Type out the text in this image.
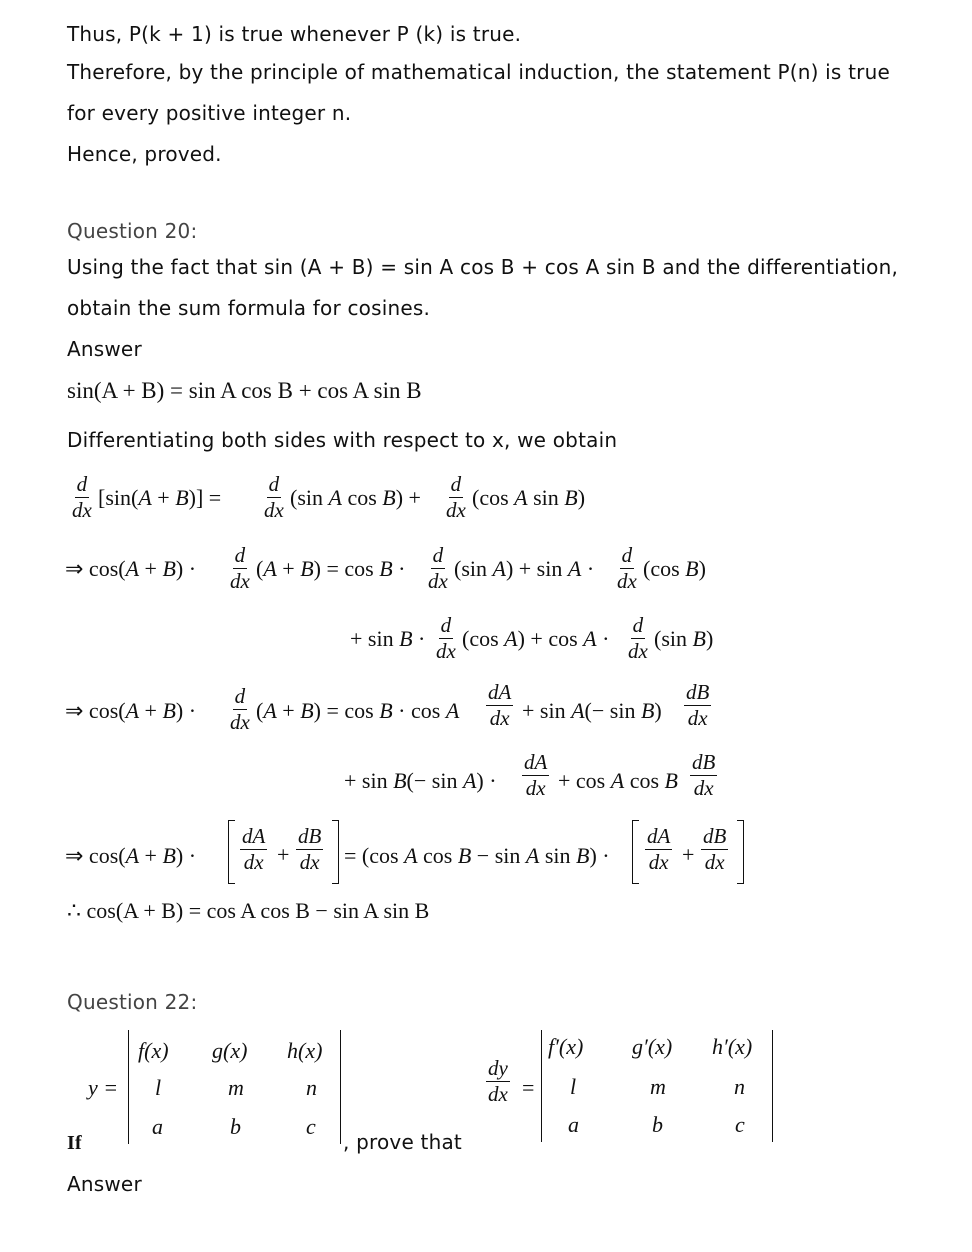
Thus, P(k + 1) is true whenever P (k) is true.
Therefore, by the principle of mathematical induction, the statement P(n) is true
for every positive integer n.
Hence, proved.
Question 20:
Using the fact that sin (A + B) = sin A cos B + cos A sin B and the differentiation,
obtain the sum formula for cosines.
Answer
sin(A + B) = sin A cos B + cos A sin B
Differentiating both sides with respect to x, we obtain
$\frac{d}{dx} [\sin(A + B)] = \frac{d}{dx} (\sin$ A $\cos B) + \frac{d}{dx} (\cos$ A sin B)
⇒ $\cos(A + B) \cdot \frac{d}{dx} (A + B) = \cos B \cdot \frac{d}{dx} (\sin$ $A) + \sin A \cdot \frac{d}{dx} (\cos$ B)
+ $\sin B \cdot \frac{d}{dx} (\cos$ $A) + \cos A \cdot \frac{d}{dx} (\sin$ B)
⇒ $\cos(A + B) \cdot \frac{d}{dx} (A + B) = \cos B \cdot \cos A \frac{dA}{dx} + \sin A(- \sin B) \frac{dB}{dx}$
+ $\sin B(- \sin A) \cdot \frac{dA}{dx} + \cos A$ cos B $\frac{dB}{dx}$
⇒ $\cos(A + B) \cdot \frac{dA}{dx} + \frac{dB}{dx} = (\cos$ A cos B − sin A $\sin B) \cdot \frac{dA}{dx} + \frac{dB}{dx}$
∴ cos(A + B) = cos A cos B − sin A sin B
Question 22:
y =
f(x) g(x) h(x)
l	m	n
a	b	c
If	, prove that
$\frac{dy}{dx}$ =
f′(x) g′(x) h′(x)
l	m	n
a	b	c
Answer
